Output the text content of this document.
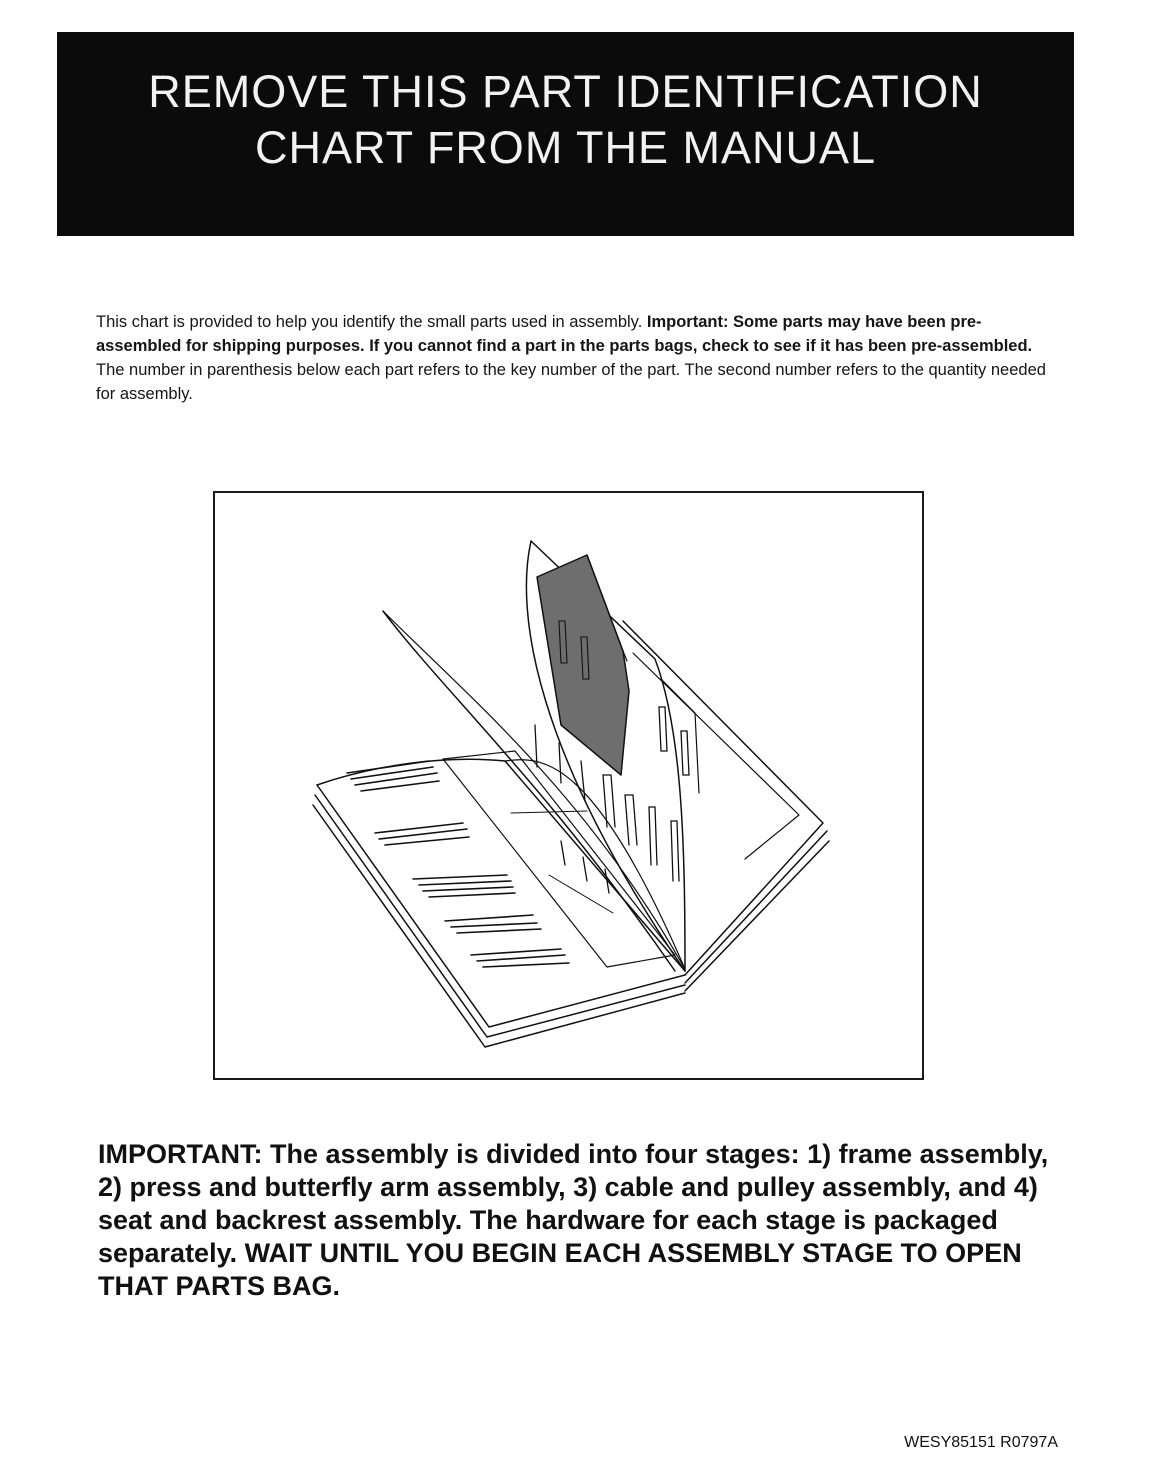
REMOVE THIS PART IDENTIFICATION
CHART FROM THE MANUAL

This chart is provided to help you identify the small parts used in assembly. Important: Some parts may have been pre-assembled for shipping purposes. If you cannot find a part in the parts bags, check to see if it has been pre-assembled. The number in parenthesis below each part refers to the key number of the part. The second number refers to the quantity needed for assembly.

IMPORTANT: The assembly is divided into four stages: 1) frame assembly, 2) press and butterfly arm assembly, 3) cable and pulley assembly, and 4) seat and backrest assembly. The hardware for each stage is packaged separately. WAIT UNTIL YOU BEGIN EACH ASSEMBLY STAGE TO OPEN THAT PARTS BAG.
WESY85151 R0797A
